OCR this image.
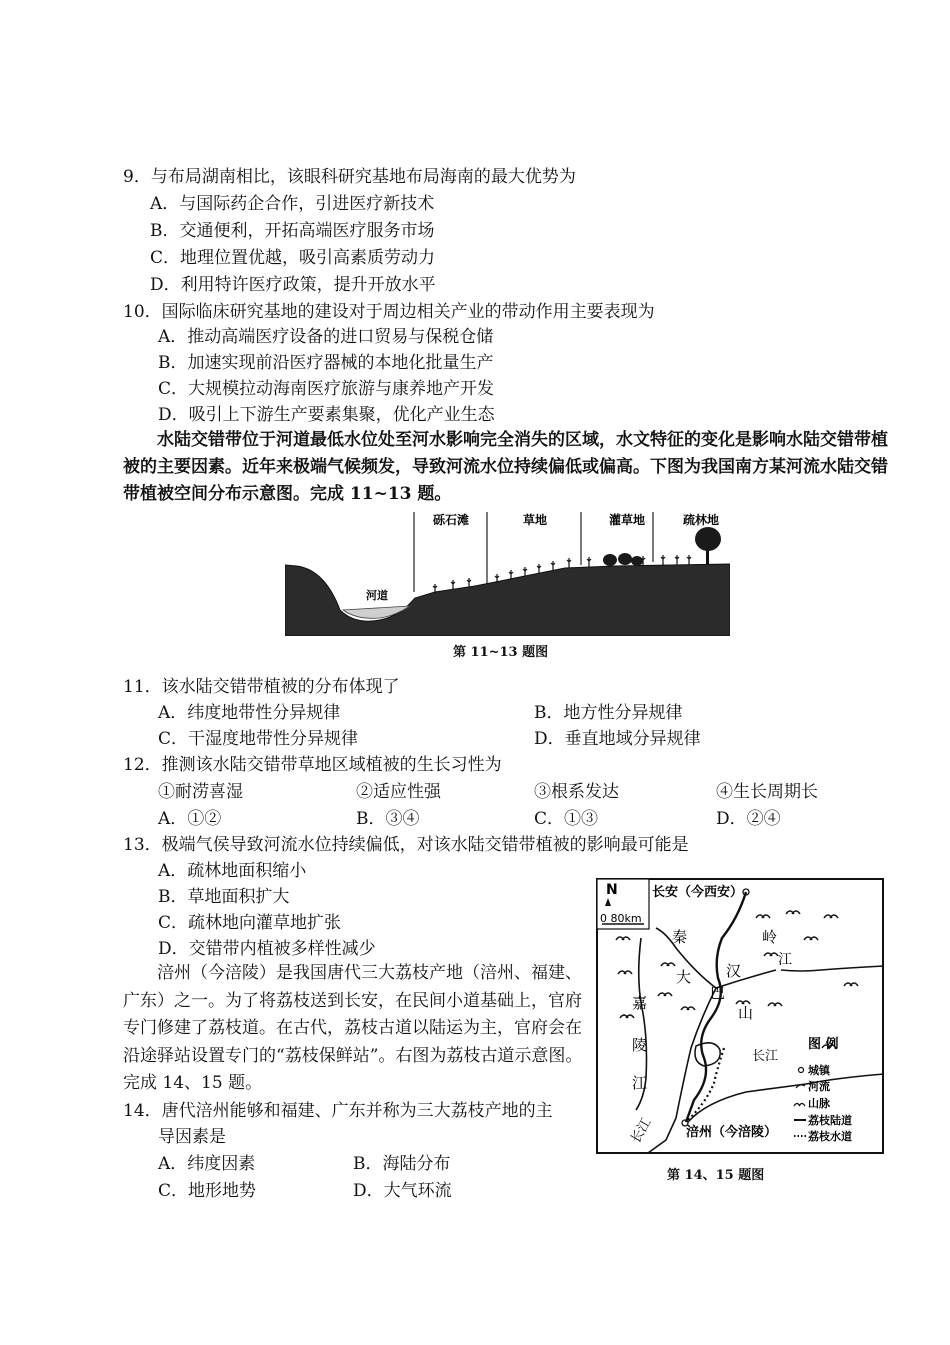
9．与布局湖南相比，该眼科研究基地布局海南的最大优势为
A．与国际药企合作，引进医疗新技术
B．交通便利，开拓高端医疗服务市场
C．地理位置优越，吸引高素质劳动力
D．利用特许医疗政策，提升开放水平
10．国际临床研究基地的建设对于周边相关产业的带动作用主要表现为
A．推动高端医疗设备的进口贸易与保税仓储
B．加速实现前沿医疗器械的本地化批量生产
C．大规模拉动海南医疗旅游与康养地产开发
D．吸引上下游生产要素集聚，优化产业生态
水陆交错带位于河道最低水位处至河水影响完全消失的区域，水文特征的变化是影响水陆交错带植被的主要因素。近年来极端气候频发，导致河流水位持续偏低或偏高。下图为我国南方某河流水陆交错带植被空间分布示意图。完成 11~13 题。
砾石滩	草地	灌草地	疏林地
河道
第 11~13 题图
11．该水陆交错带植被的分布体现了
A．纬度地带性分异规律	B．地方性分异规律
C．干湿度地带性分异规律	D．垂直地域分异规律
12．推测该水陆交错带草地区域植被的生长习性为
①耐涝喜湿	②适应性强	③根系发达	④生长周期长
A．①②	B．③④	C．①③	D．②④
13．极端气侯导致河流水位持续偏低，对该水陆交错带植被的影响最可能是
A．疏林地面积缩小
B．草地面积扩大
C．疏林地向灌草地扩张
D．交错带内植被多样性减少
涪州（今涪陵）是我国唐代三大荔枝产地（涪州、福建、广东）之一。为了将荔枝送到长安，在民间小道基础上，官府专门修建了荔枝道。在古代，荔枝古道以陆运为主，官府会在沿途驿站设置专门的“荔枝保鲜站”。右图为荔枝古道示意图。完成 14、15 题。
14．唐代涪州能够和福建、广东并称为三大荔枝产地的主
导因素是
A．纬度因素	B．海陆分布
C．地形地势	D．大气环流
N
0 80km
长安（今西安）
涪州（今涪陵）
秦	岭
江
大
巴
汉
山
嘉
陵
江
长江
长江
图 例
城镇
河流
山脉
荔枝陆道
荔枝水道
第 14、15 题图
